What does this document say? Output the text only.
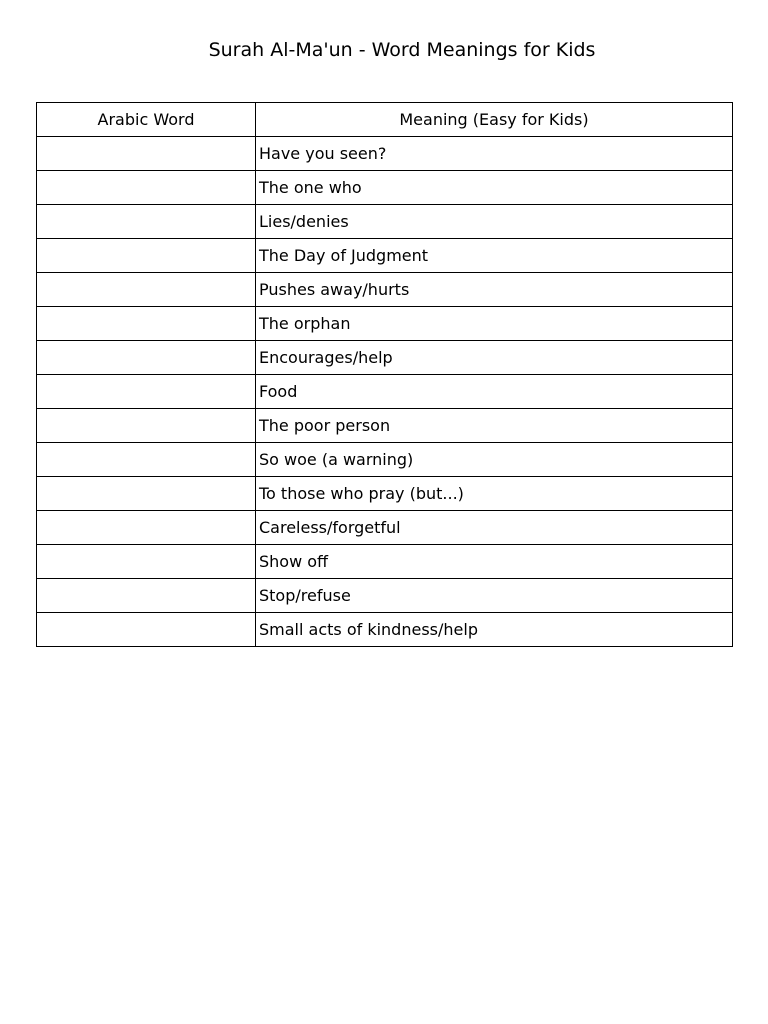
Surah Al-Ma'un - Word Meanings for Kids
Arabic Word	Meaning (Easy for Kids)
	Have you seen?
	The one who
	Lies/denies
	The Day of Judgment
	Pushes away/hurts
	The orphan
	Encourages/help
	Food
	The poor person
	So woe (a warning)
	To those who pray (but...)
	Careless/forgetful
	Show off
	Stop/refuse
	Small acts of kindness/help
